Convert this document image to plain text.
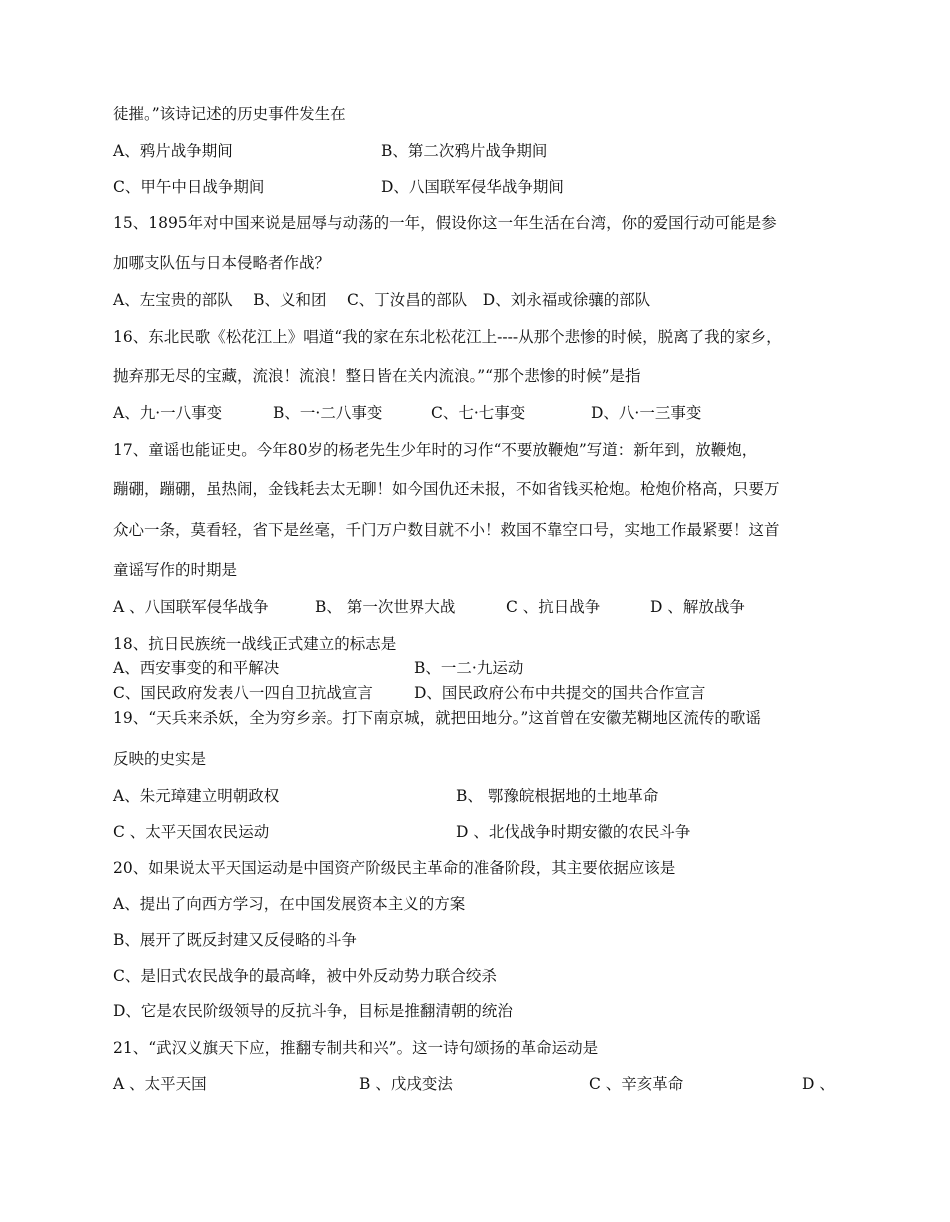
徒摧。”该诗记述的历史事件发生在
A、鸦片战争期间	B、第二次鸦片战争期间
C、甲午中日战争期间	D、八国联军侵华战争期间
15、1895年对中国来说是屈辱与动荡的一年，假设你这一年生活在台湾，你的爱国行动可能是参
加哪支队伍与日本侵略者作战？
A、左宝贵的部队　 B、义和团　 C、丁汝昌的部队　D、刘永福或徐骧的部队
16、东北民歌《松花江上》唱道“我的家在东北松花江上----从那个悲惨的时候，脱离了我的家乡，
抛弃那无尽的宝藏，流浪！流浪！整日皆在关内流浪。”“那个悲惨的时候”是指
A、九·一八事变	B、一·二八事变	C、七·七事变	D、八·一三事变
17、童谣也能证史。今年80岁的杨老先生少年时的习作“不要放鞭炮”写道：新年到，放鞭炮，
蹦硼，蹦硼，虽热闹，金钱耗去太无聊！如今国仇还未报，不如省钱买枪炮。枪炮价格高，只要万
众心一条，莫看轻，省下是丝毫，千门万户数目就不小！救国不靠空口号，实地工作最紧要！这首
童谣写作的时期是
A 、八国联军侵华战争	B、 第一次世界大战	C 、抗日战争	D 、解放战争
18、抗日民族统一战线正式建立的标志是
A、西安事变的和平解决	B、一二·九运动
C、国民政府发表八一四自卫抗战宣言	D、国民政府公布中共提交的国共合作宣言
19、“天兵来杀妖，全为穷乡亲。打下南京城，就把田地分。”这首曾在安徽芜糊地区流传的歌谣
反映的史实是
A、朱元璋建立明朝政权	B、 鄂豫皖根据地的土地革命
C 、太平天国农民运动	D 、北伐战争时期安徽的农民斗争
20、如果说太平天国运动是中国资产阶级民主革命的准备阶段，其主要依据应该是
A、提出了向西方学习，在中国发展资本主义的方案
B、展开了既反封建又反侵略的斗争
C、是旧式农民战争的最高峰，被中外反动势力联合绞杀
D、它是农民阶级领导的反抗斗争，目标是推翻清朝的统治
21、“武汉义旗天下应，推翻专制共和兴”。这一诗句颂扬的革命运动是
A 、太平天国	B 、戊戌变法	C 、辛亥革命	D 、
